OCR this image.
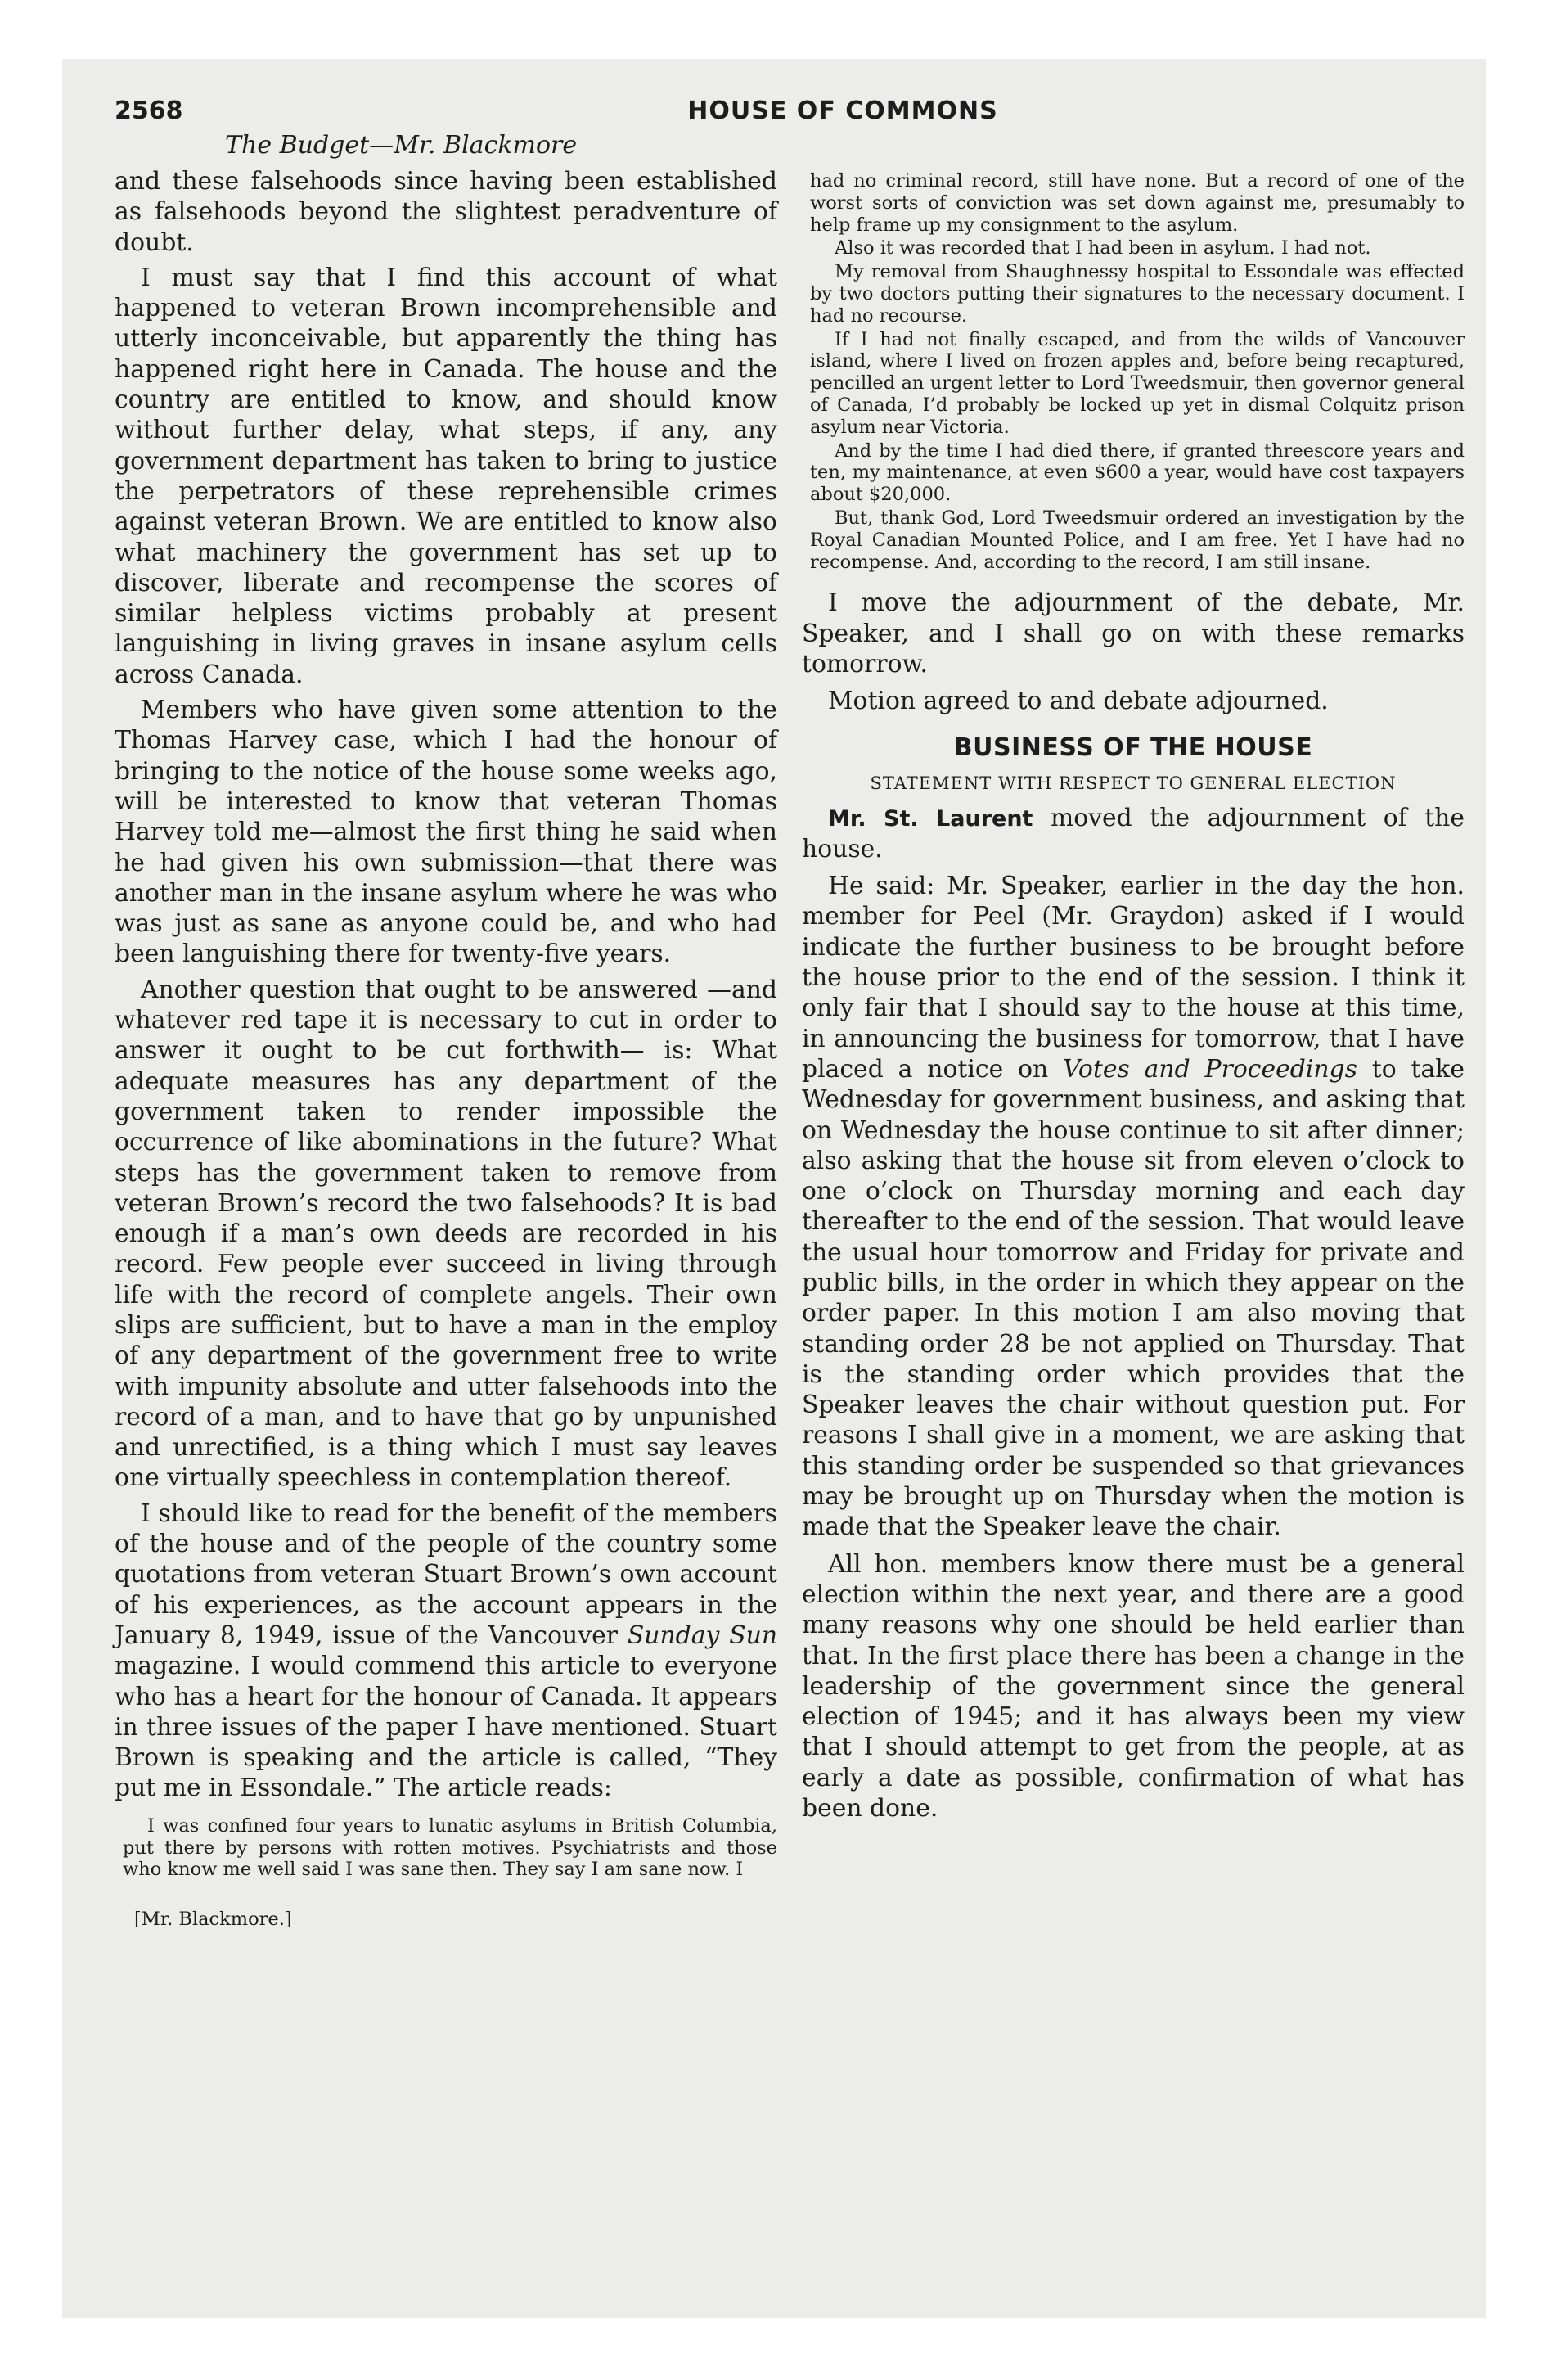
2568	HOUSE OF COMMONS
The Budget—Mr. Blackmore

and these falsehoods since having been established as falsehoods beyond the slightest peradventure of doubt.

I must say that I find this account of what happened to veteran Brown incomprehensible and utterly inconceivable, but apparently the thing has happened right here in Canada. The house and the country are entitled to know, and should know without further delay, what steps, if any, any government department has taken to bring to justice the perpetrators of these reprehensible crimes against veteran Brown. We are entitled to know also what machinery the government has set up to discover, liberate and recompense the scores of similar helpless victims probably at present languishing in living graves in insane asylum cells across Canada.

Members who have given some attention to the Thomas Harvey case, which I had the honour of bringing to the notice of the house some weeks ago, will be interested to know that veteran Thomas Harvey told me—almost the first thing he said when he had given his own submission—that there was another man in the insane asylum where he was who was just as sane as anyone could be, and who had been languishing there for twenty-five years.

Another question that ought to be answered —and whatever red tape it is necessary to cut in order to answer it ought to be cut forthwith— is: What adequate measures has any department of the government taken to render impossible the occurrence of like abominations in the future? What steps has the government taken to remove from veteran Brown’s record the two falsehoods? It is bad enough if a man’s own deeds are recorded in his record. Few people ever succeed in living through life with the record of complete angels. Their own slips are sufficient, but to have a man in the employ of any department of the government free to write with impunity absolute and utter falsehoods into the record of a man, and to have that go by unpunished and unrectified, is a thing which I must say leaves one virtually speechless in contemplation thereof.

I should like to read for the benefit of the members of the house and of the people of the country some quotations from veteran Stuart Brown’s own account of his experiences, as the account appears in the January 8, 1949, issue of the Vancouver Sunday Sun magazine. I would commend this article to everyone who has a heart for the honour of Canada. It appears in three issues of the paper I have mentioned. Stuart Brown is speaking and the article is called, “They put me in Essondale.” The article reads:

I was confined four years to lunatic asylums in British Columbia, put there by persons with rotten motives. Psychiatrists and those who know me well said I was sane then. They say I am sane now. I

[Mr. Blackmore.]

had no criminal record, still have none. But a record of one of the worst sorts of conviction was set down against me, presumably to help frame up my consignment to the asylum.

Also it was recorded that I had been in asylum. I had not.

My removal from Shaughnessy hospital to Essondale was effected by two doctors putting their signatures to the necessary document. I had no recourse.

If I had not finally escaped, and from the wilds of Vancouver island, where I lived on frozen apples and, before being recaptured, pencilled an urgent letter to Lord Tweedsmuir, then governor general of Canada, I’d probably be locked up yet in dismal Colquitz prison asylum near Victoria.

And by the time I had died there, if granted threescore years and ten, my maintenance, at even $600 a year, would have cost taxpayers about $20,000.

But, thank God, Lord Tweedsmuir ordered an investigation by the Royal Canadian Mounted Police, and I am free. Yet I have had no recompense. And, according to the record, I am still insane.

I move the adjournment of the debate, Mr. Speaker, and I shall go on with these remarks tomorrow.

Motion agreed to and debate adjourned.

BUSINESS OF THE HOUSE
STATEMENT WITH RESPECT TO GENERAL ELECTION

Mr. St. Laurent moved the adjournment of the house.

He said: Mr. Speaker, earlier in the day the hon. member for Peel (Mr. Graydon) asked if I would indicate the further business to be brought before the house prior to the end of the session. I think it only fair that I should say to the house at this time, in announcing the business for tomorrow, that I have placed a notice on Votes and Proceedings to take Wednesday for government business, and asking that on Wednesday the house continue to sit after dinner; also asking that the house sit from eleven o’clock to one o’clock on Thursday morning and each day thereafter to the end of the session. That would leave the usual hour tomorrow and Friday for private and public bills, in the order in which they appear on the order paper. In this motion I am also moving that standing order 28 be not applied on Thursday. That is the standing order which provides that the Speaker leaves the chair without question put. For reasons I shall give in a moment, we are asking that this standing order be suspended so that grievances may be brought up on Thursday when the motion is made that the Speaker leave the chair.

All hon. members know there must be a general election within the next year, and there are a good many reasons why one should be held earlier than that. In the first place there has been a change in the leadership of the government since the general election of 1945; and it has always been my view that I should attempt to get from the people, at as early a date as possible, confirmation of what has been done.
